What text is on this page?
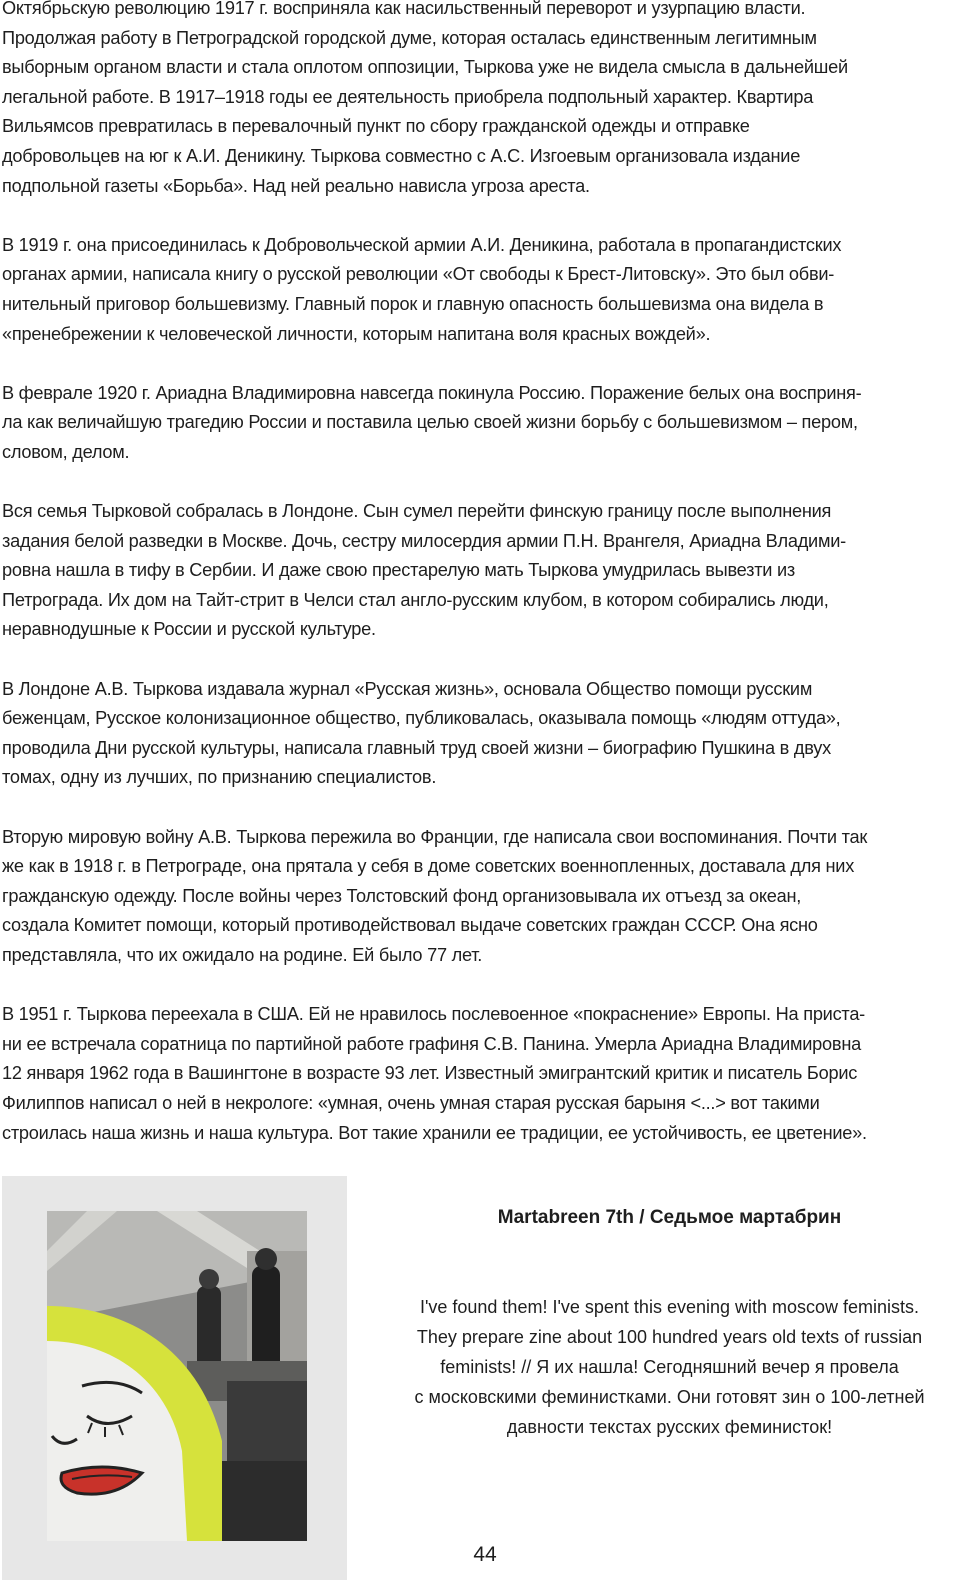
Октябрьскую революцию 1917 г. восприняла как насильственный переворот и узурпацию власти.
Продолжая работу в Петроградской городской думе, которая осталась единственным легитимным
выборным органом власти и стала оплотом оппозиции, Тыркова уже не видела смысла в дальнейшей
легальной работе. В 1917–1918 годы ее деятельность приобрела подпольный характер. Квартира
Вильямсов превратилась в перевалочный пункт по сбору гражданской одежды и отправке
добровольцев на юг к А.И. Деникину. Тыркова совместно с А.С. Изгоевым организовала издание
подпольной газеты «Борьба». Над ней реально нависла угроза ареста.

В 1919 г. она присоединилась к Добровольческой армии А.И. Деникина, работала в пропагандистских
органах армии, написала книгу о русской революции «От свободы к Брест-Литовску». Это был обви-
нительный приговор большевизму. Главный порок и главную опасность большевизма она видела в
«пренебрежении к человеческой личности, которым напитана воля красных вождей».

В феврале 1920 г. Ариадна Владимировна навсегда покинула Россию. Поражение белых она восприня-
ла как величайшую трагедию России и поставила целью своей жизни борьбу с большевизмом – пером,
словом, делом.

Вся семья Тырковой собралась в Лондоне. Сын сумел перейти финскую границу после выполнения
задания белой разведки в Москве. Дочь, сестру милосердия армии П.Н. Врангеля, Ариадна Владими-
ровна нашла в тифу в Сербии. И даже свою престарелую мать Тыркова умудрилась вывезти из
Петрограда. Их дом на Тайт-стрит в Челси стал англо-русским клубом, в котором собирались люди,
неравнодушные к России и русской культуре.

В Лондоне А.В. Тыркова издавала журнал «Русская жизнь», основала Общество помощи русским
беженцам, Русское колонизационное общество, публиковалась, оказывала помощь «людям оттуда»,
проводила Дни русской культуры, написала главный труд своей жизни – биографию Пушкина в двух
томах, одну из лучших, по признанию специалистов.

Вторую мировую войну А.В. Тыркова пережила во Франции, где написала свои воспоминания. Почти так
же как в 1918 г. в Петрограде, она прятала у себя в доме советских военнопленных, доставала для них
гражданскую одежду. После войны через Толстовский фонд организовывала их отъезд за океан,
создала Комитет помощи, который противодействовал выдаче советских граждан СССР. Она ясно
представляла, что их ожидало на родине. Ей было 77 лет.

В 1951 г. Тыркова переехала в США. Ей не нравилось послевоенное «покраснение» Европы. На приста-
ни ее встречала соратница по партийной работе графиня С.В. Панина. Умерла Ариадна Владимировна
12 января 1962 года в Вашингтоне в возрасте 93 лет. Известный эмигрантский критик и писатель Борис
Филиппов написал о ней в некрологе: «умная, очень умная старая русская барыня <...> вот такими
строилась наша жизнь и наша культура. Вот такие хранили ее традиции, ее устойчивость, ее цветение».

Martabreen 7th / Седьмое мартабрин

I've found them! I've spent this evening with moscow feminists.
They prepare zine about 100 hundred years old texts of russian
feminists! // Я их нашла! Сегодняшний вечер я провела
с московскими феминистками. Они готовят зин о 100-летней
давности текстах русских феминисток!
44
